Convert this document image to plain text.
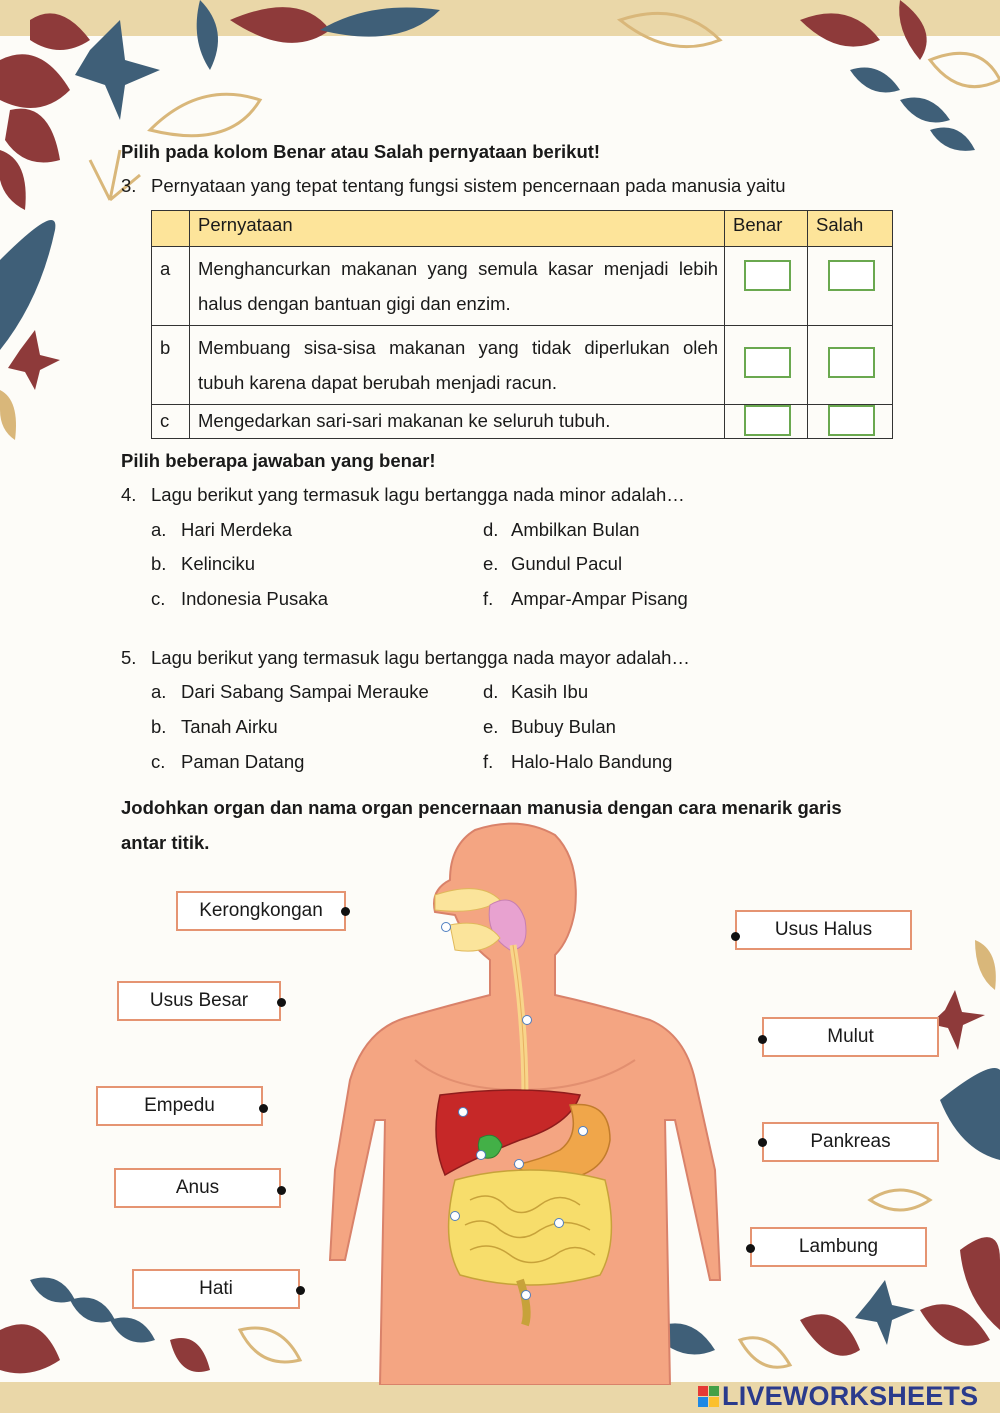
Pilih pada kolom Benar atau Salah pernyataan berikut!
3. Pernyataan yang tepat tentang fungsi sistem pencernaan pada manusia yaitu
	Pernyataan	Benar	Salah
a	Menghancurkan makanan yang semula kasar menjadi lebih halus dengan bantuan gigi dan enzim.	

b	Membuang sisa-sisa makanan yang tidak diperlukan oleh tubuh karena dapat berubah menjadi racun.	

c	Mengedarkan sari-sari makanan ke seluruh tubuh.	

Pilih beberapa jawaban yang benar!
4. Lagu berikut yang termasuk lagu bertangga nada minor adalah…
a. Hari Merdeka
b. Kelinciku
c. Indonesia Pusaka
d. Ambilkan Bulan
e. Gundul Pacul
f. Ampar-Ampar Pisang
5. Lagu berikut yang termasuk lagu bertangga nada mayor adalah…
a. Dari Sabang Sampai Merauke
b. Tanah Airku
c. Paman Datang
d. Kasih Ibu
e. Bubuy Bulan
f. Halo-Halo Bandung
Jodohkan organ dan nama organ pencernaan manusia dengan cara menarik garis
antar titik.
Kerongkongan
Usus Besar
Empedu
Anus
Hati
Usus Halus
Mulut
Pankreas
Lambung
LIVEWORKSHEETS
